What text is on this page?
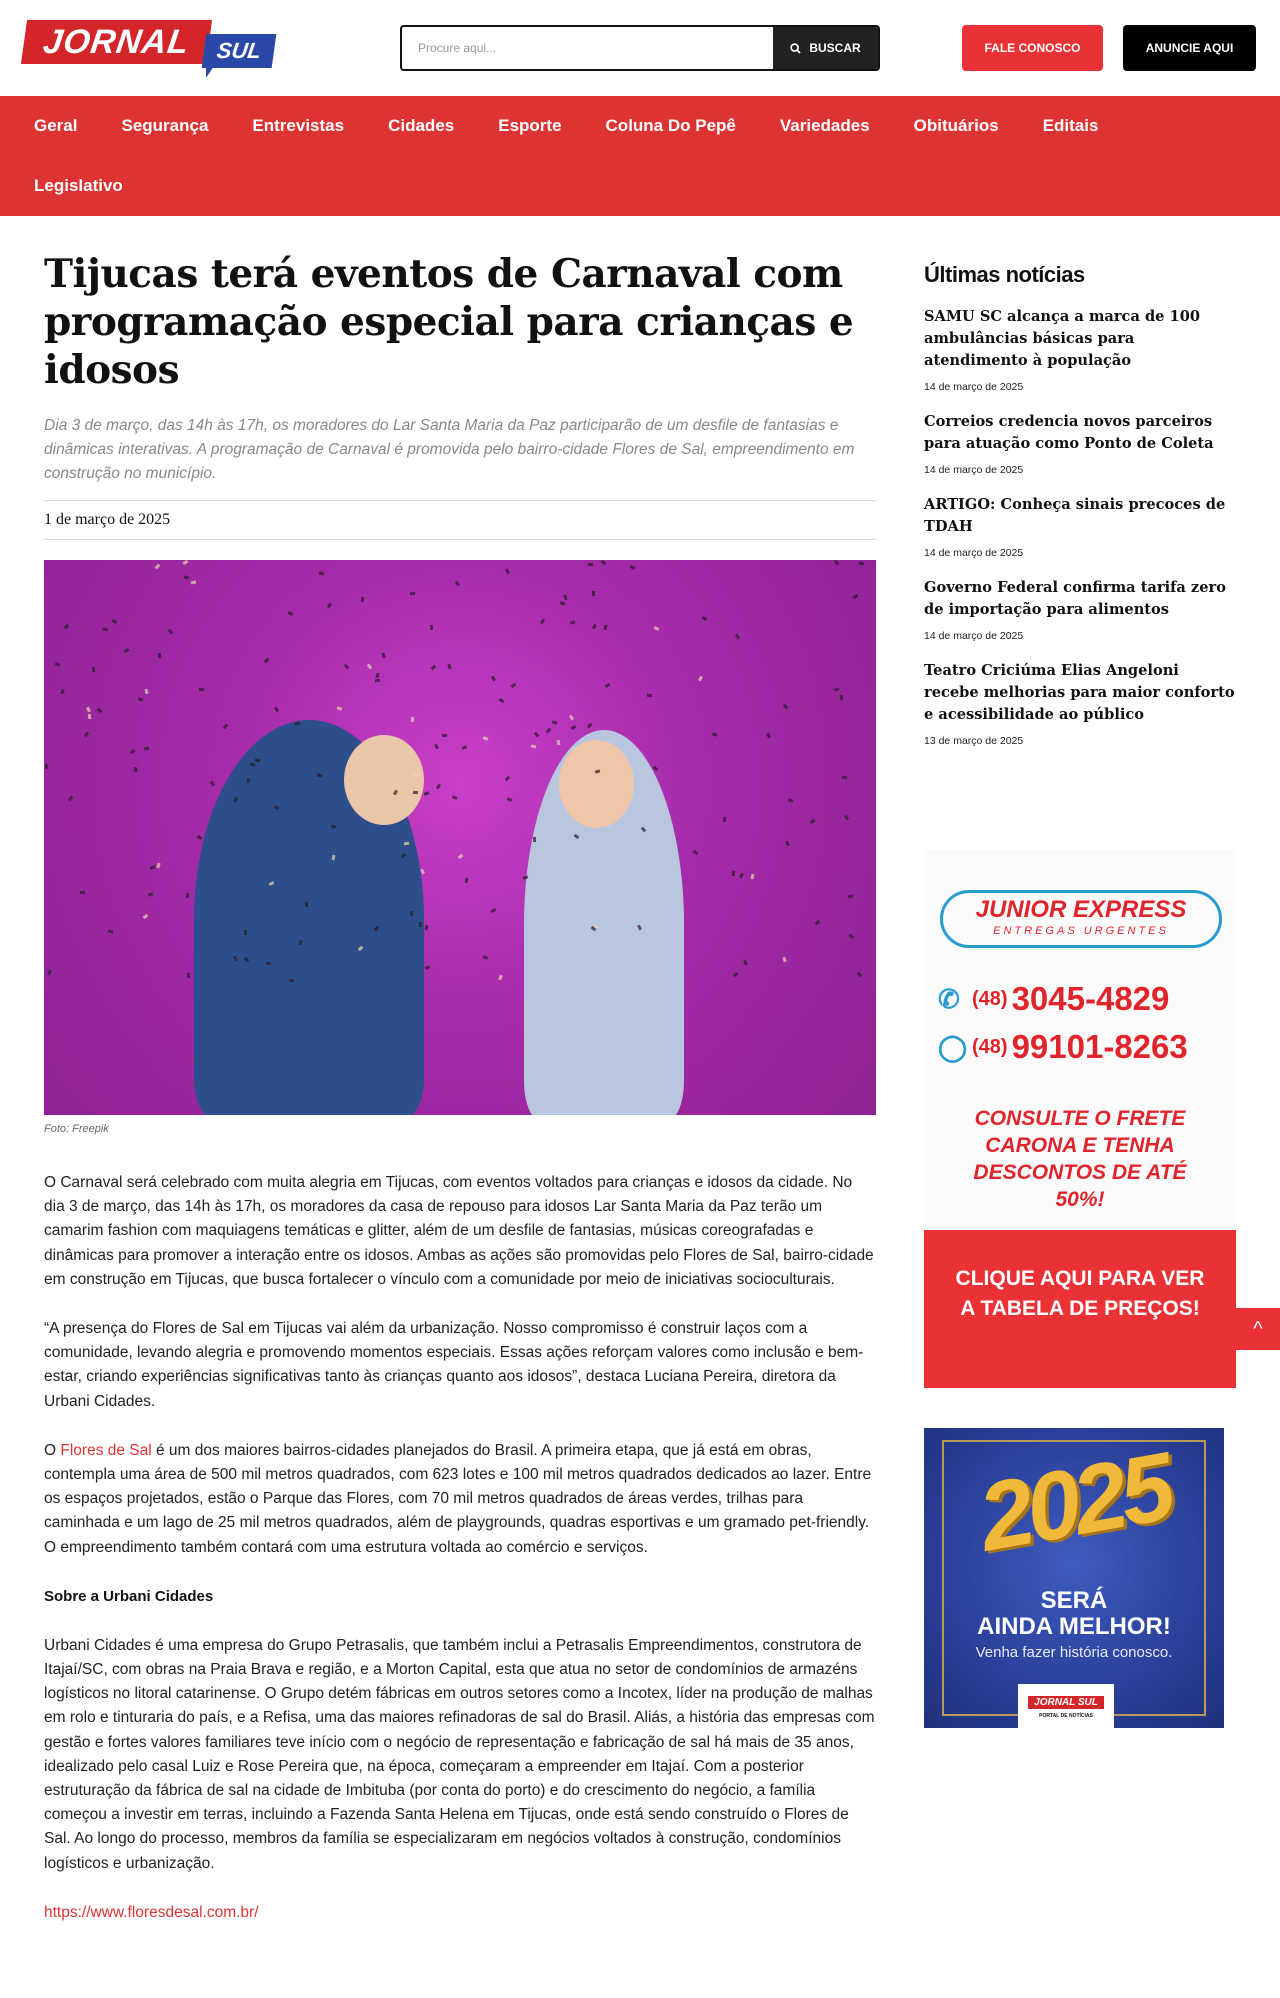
JORNAL	SUL
Procure aqui...	BUSCAR	FALE CONOSCO	ANUNCIE AQUI
Geral	Segurança	Entrevistas	Cidades	Esporte	Coluna Do Pepê	Variedades	Obituários	Editais
Legislativo
Tijucas terá eventos de Carnaval com programação especial para crianças e idosos
Dia 3 de março, das 14h às 17h, os moradores do Lar Santa Maria da Paz participarão de um desfile de fantasias e dinâmicas interativas. A programação de Carnaval é promovida pelo bairro-cidade Flores de Sal, empreendimento em construção no município.
1 de março de 2025
Foto: Freepik

O Carnaval será celebrado com muita alegria em Tijucas, com eventos voltados para crianças e idosos da cidade. No dia 3 de março, das 14h às 17h, os moradores da casa de repouso para idosos Lar Santa Maria da Paz terão um camarim fashion com maquiagens temáticas e glitter, além de um desfile de fantasias, músicas coreografadas e dinâmicas para promover a interação entre os idosos. Ambas as ações são promovidas pelo Flores de Sal, bairro-cidade em construção em Tijucas, que busca fortalecer o vínculo com a comunidade por meio de iniciativas socioculturais.

“A presença do Flores de Sal em Tijucas vai além da urbanização. Nosso compromisso é construir laços com a comunidade, levando alegria e promovendo momentos especiais. Essas ações reforçam valores como inclusão e bem-estar, criando experiências significativas tanto às crianças quanto aos idosos”, destaca Luciana Pereira, diretora da Urbani Cidades.

O Flores de Sal é um dos maiores bairros-cidades planejados do Brasil. A primeira etapa, que já está em obras, contempla uma área de 500 mil metros quadrados, com 623 lotes e 100 mil metros quadrados dedicados ao lazer. Entre os espaços projetados, estão o Parque das Flores, com 70 mil metros quadrados de áreas verdes, trilhas para caminhada e um lago de 25 mil metros quadrados, além de playgrounds, quadras esportivas e um gramado pet-friendly. O empreendimento também contará com uma estrutura voltada ao comércio e serviços.

Sobre a Urbani Cidades

Urbani Cidades é uma empresa do Grupo Petrasalis, que também inclui a Petrasalis Empreendimentos, construtora de Itajaí/SC, com obras na Praia Brava e região, e a Morton Capital, esta que atua no setor de condomínios de armazéns logísticos no litoral catarinense. O Grupo detém fábricas em outros setores como a Incotex, líder na produção de malhas em rolo e tinturaria do país, e a Refisa, uma das maiores refinadoras de sal do Brasil. Aliás, a história das empresas com gestão e fortes valores familiares teve início com o negócio de representação e fabricação de sal há mais de 35 anos, idealizado pelo casal Luiz e Rose Pereira que, na época, começaram a empreender em Itajaí. Com a posterior estruturação da fábrica de sal na cidade de Imbituba (por conta do porto) e do crescimento do negócio, a família começou a investir em terras, incluindo a Fazenda Santa Helena em Tijucas, onde está sendo construído o Flores de Sal. Ao longo do processo, membros da família se especializaram em negócios voltados à construção, condomínios logísticos e urbanização.

https://www.floresdesal.com.br/

Últimas notícias
SAMU SC alcança a marca de 100 ambulâncias básicas para atendimento à população
14 de março de 2025
Correios credencia novos parceiros para atuação como Ponto de Coleta
14 de março de 2025
ARTIGO: Conheça sinais precoces de TDAH
14 de março de 2025
Governo Federal confirma tarifa zero de importação para alimentos
14 de março de 2025
Teatro Criciúma Elias Angeloni recebe melhorias para maior conforto e acessibilidade ao público
13 de março de 2025
JUNIOR EXPRESS
ENTREGAS URGENTES
✆ (48) 3045-4829
◯ (48) 99101-8263
CONSULTE O FRETE CARONA E TENHA DESCONTOS DE ATÉ 50%!
CLIQUE AQUI PARA VER A TABELA DE PREÇOS!
^
2025
SERÁ
AINDA MELHOR!
Venha fazer história conosco.
JORNAL SUL
PORTAL DE NOTÍCIAS
